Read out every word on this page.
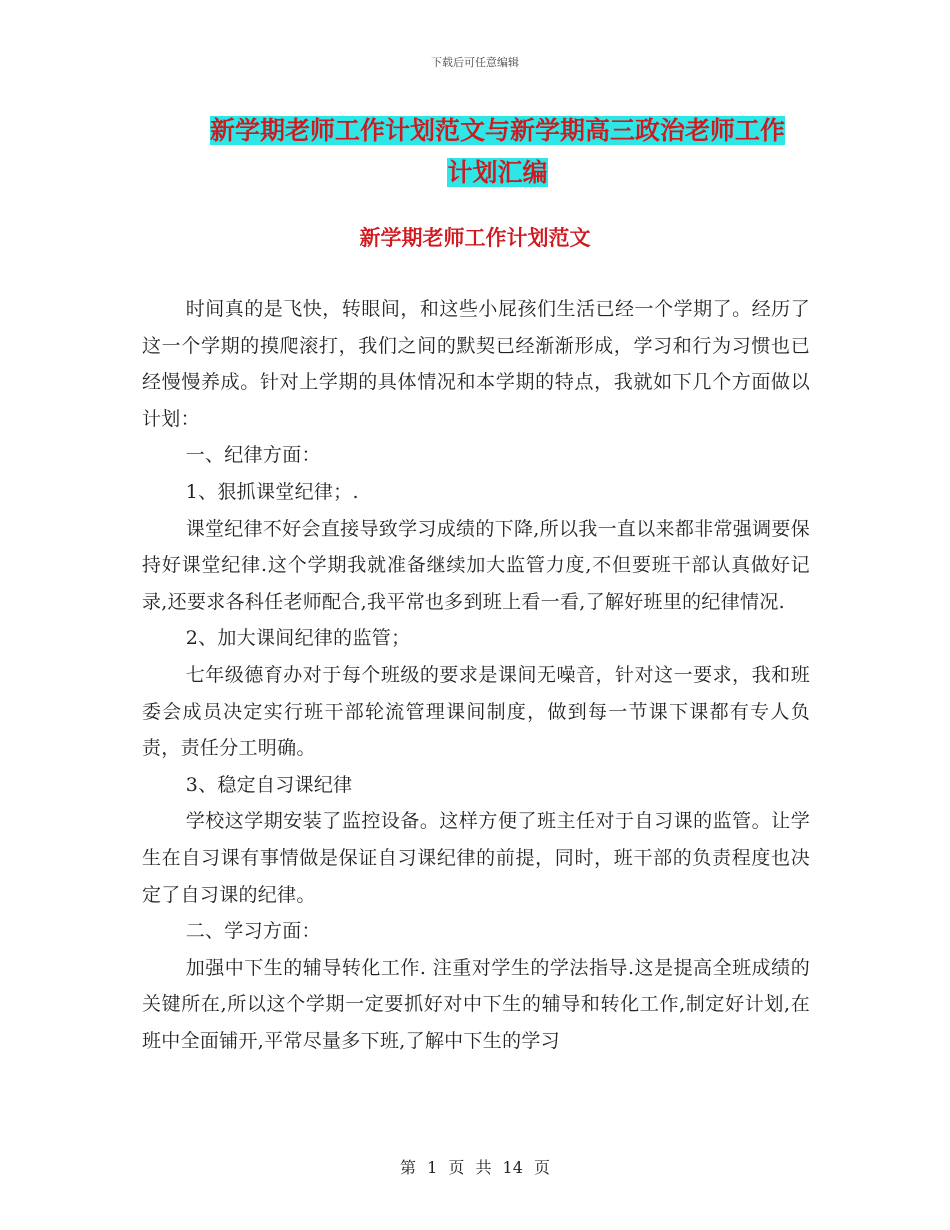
下载后可任意编辑
新学期老师工作计划范文与新学期高三政治老师工作
计划汇编
新学期老师工作计划范文

时间真的是飞快，转眼间，和这些小屁孩们生活已经一个学期了。经历了这一个学期的摸爬滚打，我们之间的默契已经渐渐形成，学习和行为习惯也已经慢慢养成。针对上学期的具体情况和本学期的特点，我就如下几个方面做以计划：

一、纪律方面：

1、狠抓课堂纪律；.

课堂纪律不好会直接导致学习成绩的下降,所以我一直以来都非常强调要保持好课堂纪律.这个学期我就准备继续加大监管力度,不但要班干部认真做好记录,还要求各科任老师配合,我平常也多到班上看一看,了解好班里的纪律情况.

2、加大课间纪律的监管；

七年级德育办对于每个班级的要求是课间无噪音，针对这一要求，我和班委会成员决定实行班干部轮流管理课间制度，做到每一节课下课都有专人负责，责任分工明确。

3、稳定自习课纪律

学校这学期安装了监控设备。这样方便了班主任对于自习课的监管。让学生在自习课有事情做是保证自习课纪律的前提，同时，班干部的负责程度也决定了自习课的纪律。

二、学习方面：

加强中下生的辅导转化工作. 注重对学生的学法指导.这是提高全班成绩的关键所在,所以这个学期一定要抓好对中下生的辅导和转化工作,制定好计划,在班中全面铺开,平常尽量多下班,了解中下生的学习

第 1 页 共 14 页
